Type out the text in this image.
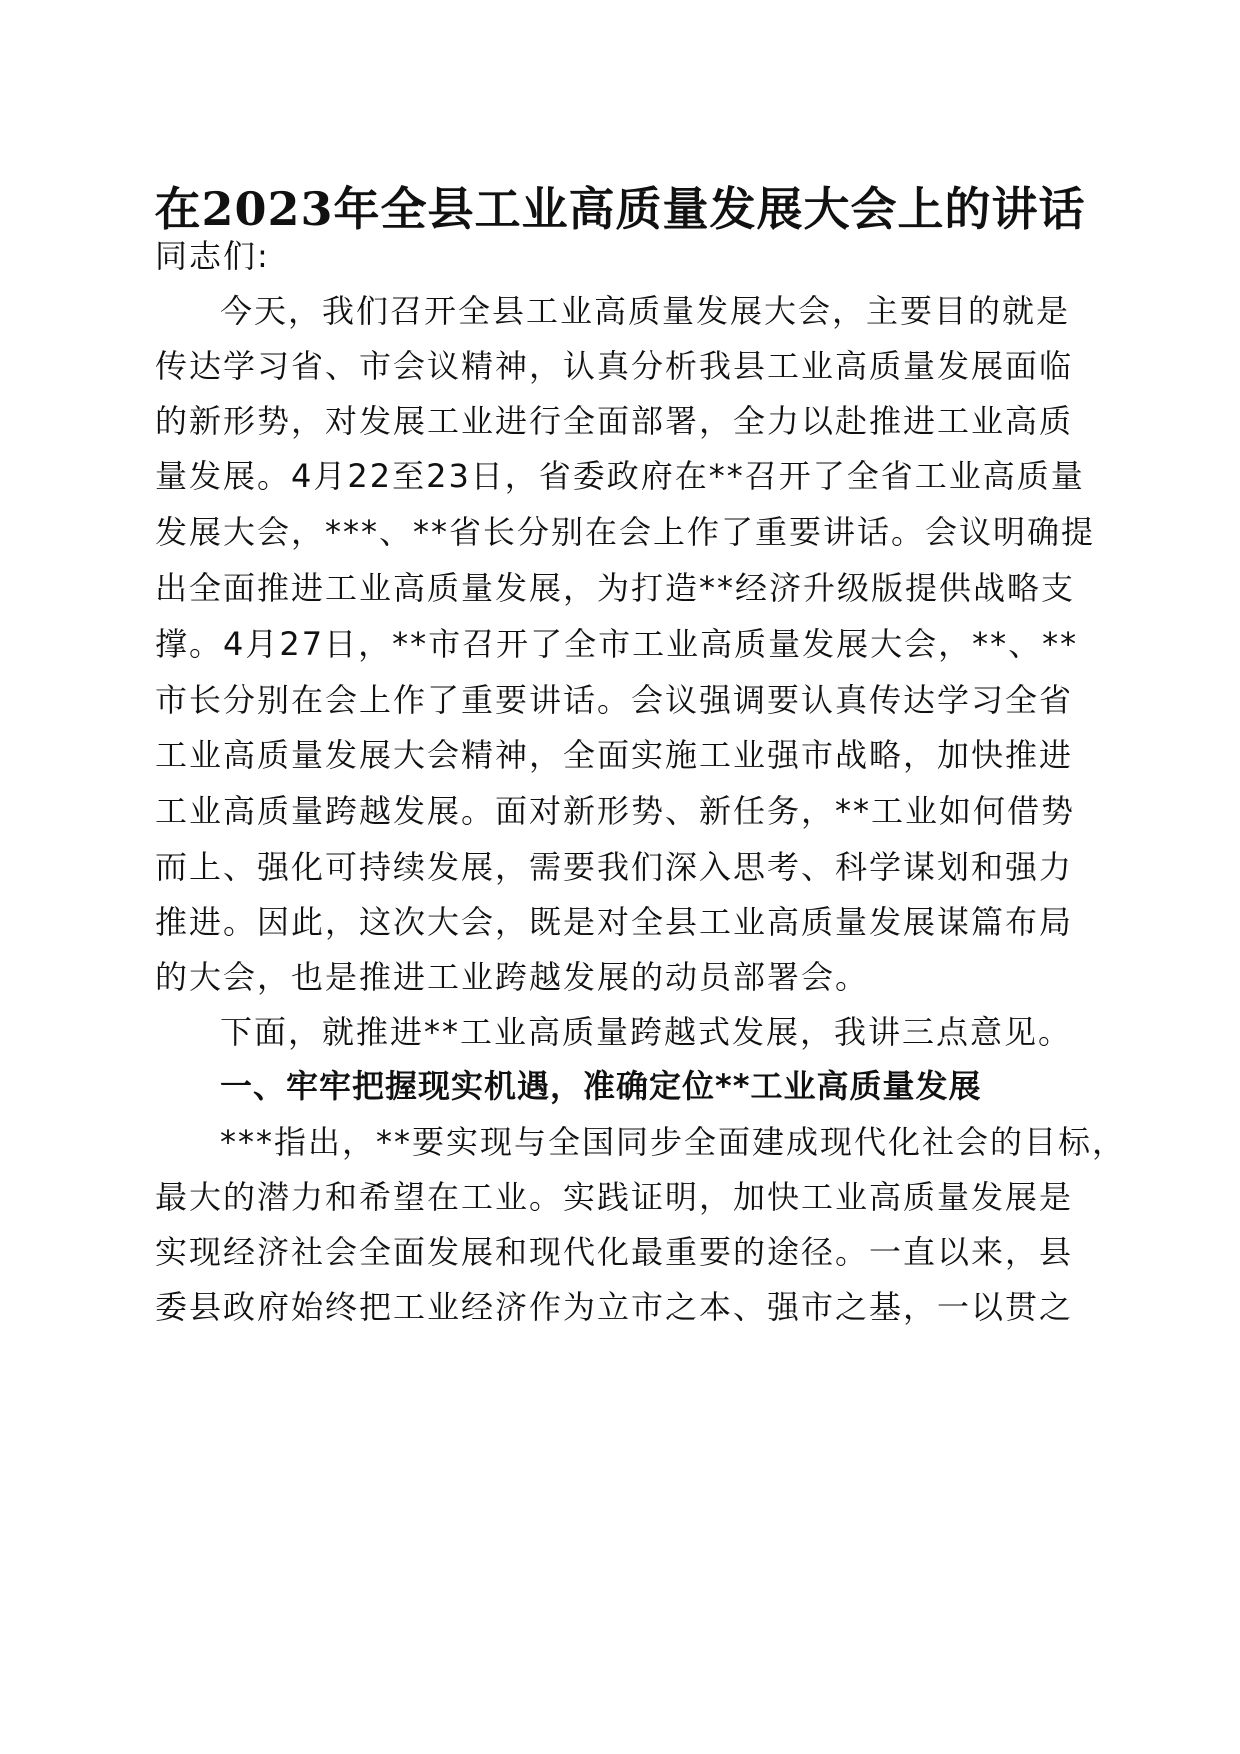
在2023年全县工业高质量发展大会上的讲话
同志们:
今天，我们召开全县工业高质量发展大会，主要目的就是
传达学习省、市会议精神，认真分析我县工业高质量发展面临
的新形势，对发展工业进行全面部署，全力以赴推进工业高质
量发展。4月22至23日，省委政府在**召开了全省工业高质量
发展大会，***、**省长分别在会上作了重要讲话。会议明确提
出全面推进工业高质量发展，为打造**经济升级版提供战略支
撑。4月27日，**市召开了全市工业高质量发展大会，**、**
市长分别在会上作了重要讲话。会议强调要认真传达学习全省
工业高质量发展大会精神，全面实施工业强市战略，加快推进
工业高质量跨越发展。面对新形势、新任务，**工业如何借势
而上、强化可持续发展，需要我们深入思考、科学谋划和强力
推进。因此，这次大会，既是对全县工业高质量发展谋篇布局
的大会，也是推进工业跨越发展的动员部署会。
下面，就推进**工业高质量跨越式发展，我讲三点意见。
一、牢牢把握现实机遇，准确定位**工业高质量发展
***指出，**要实现与全国同步全面建成现代化社会的目标，
最大的潜力和希望在工业。实践证明，加快工业高质量发展是
实现经济社会全面发展和现代化最重要的途径。一直以来，县
委县政府始终把工业经济作为立市之本、强市之基，一以贯之
